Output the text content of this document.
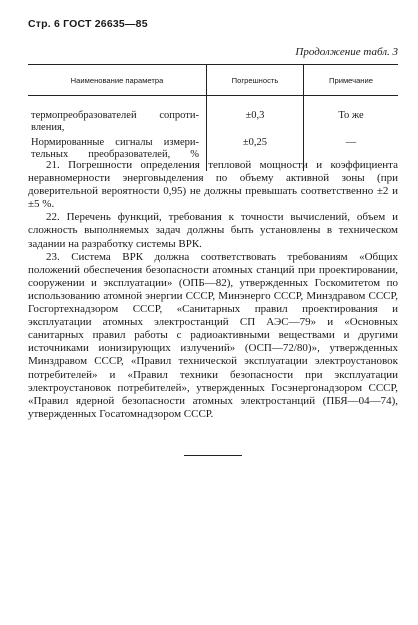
Стр. 6 ГОСТ 26635—85
Продолжение табл. 3
Наименование параметра	Погрешность	Примечание

термопреобразователей сопроти-
вления,	±0,3	То же

Нормированные сигналы измери-
тельных преобразователей, %	±0,25	—

21. Погрешности определения тепловой мощности и коэффициента неравномерности энерговыделения по объему активной зоны (при доверительной вероятности 0,95) не должны превышать соответственно ±2 и ±5 %.

22. Перечень функций, требования к точности вычислений, объем и сложность выполняемых задач должны быть установлены в техническом задании на разработку системы ВРК.

23. Система ВРК должна соответствовать требованиям «Общих положений обеспечения безопасности атомных станций при проектировании, сооружении и эксплуатации» (ОПБ—82), утвержденных Госкомитетом по использованию атомной энергии СССР, Минэнерго СССР, Минздравом СССР, Госгортехнадзором СССР, «Санитарных правил проектирования и эксплуатации атомных электростанций СП АЭС—79» и «Основных санитарных правил работы с радиоактивными веществами и другими источниками ионизирующих излучений» (ОСП—72/80)», утвержденных Минздравом СССР, «Правил технической эксплуатации электроустановок потребителей» и «Правил техники безопасности при эксплуатации электроустановок потребителей», утвержденных Госэнергонадзором СССР, «Правил ядерной безопасности атомных электростанций (ПБЯ—04—74), утвержденных Госатомнадзором СССР.
